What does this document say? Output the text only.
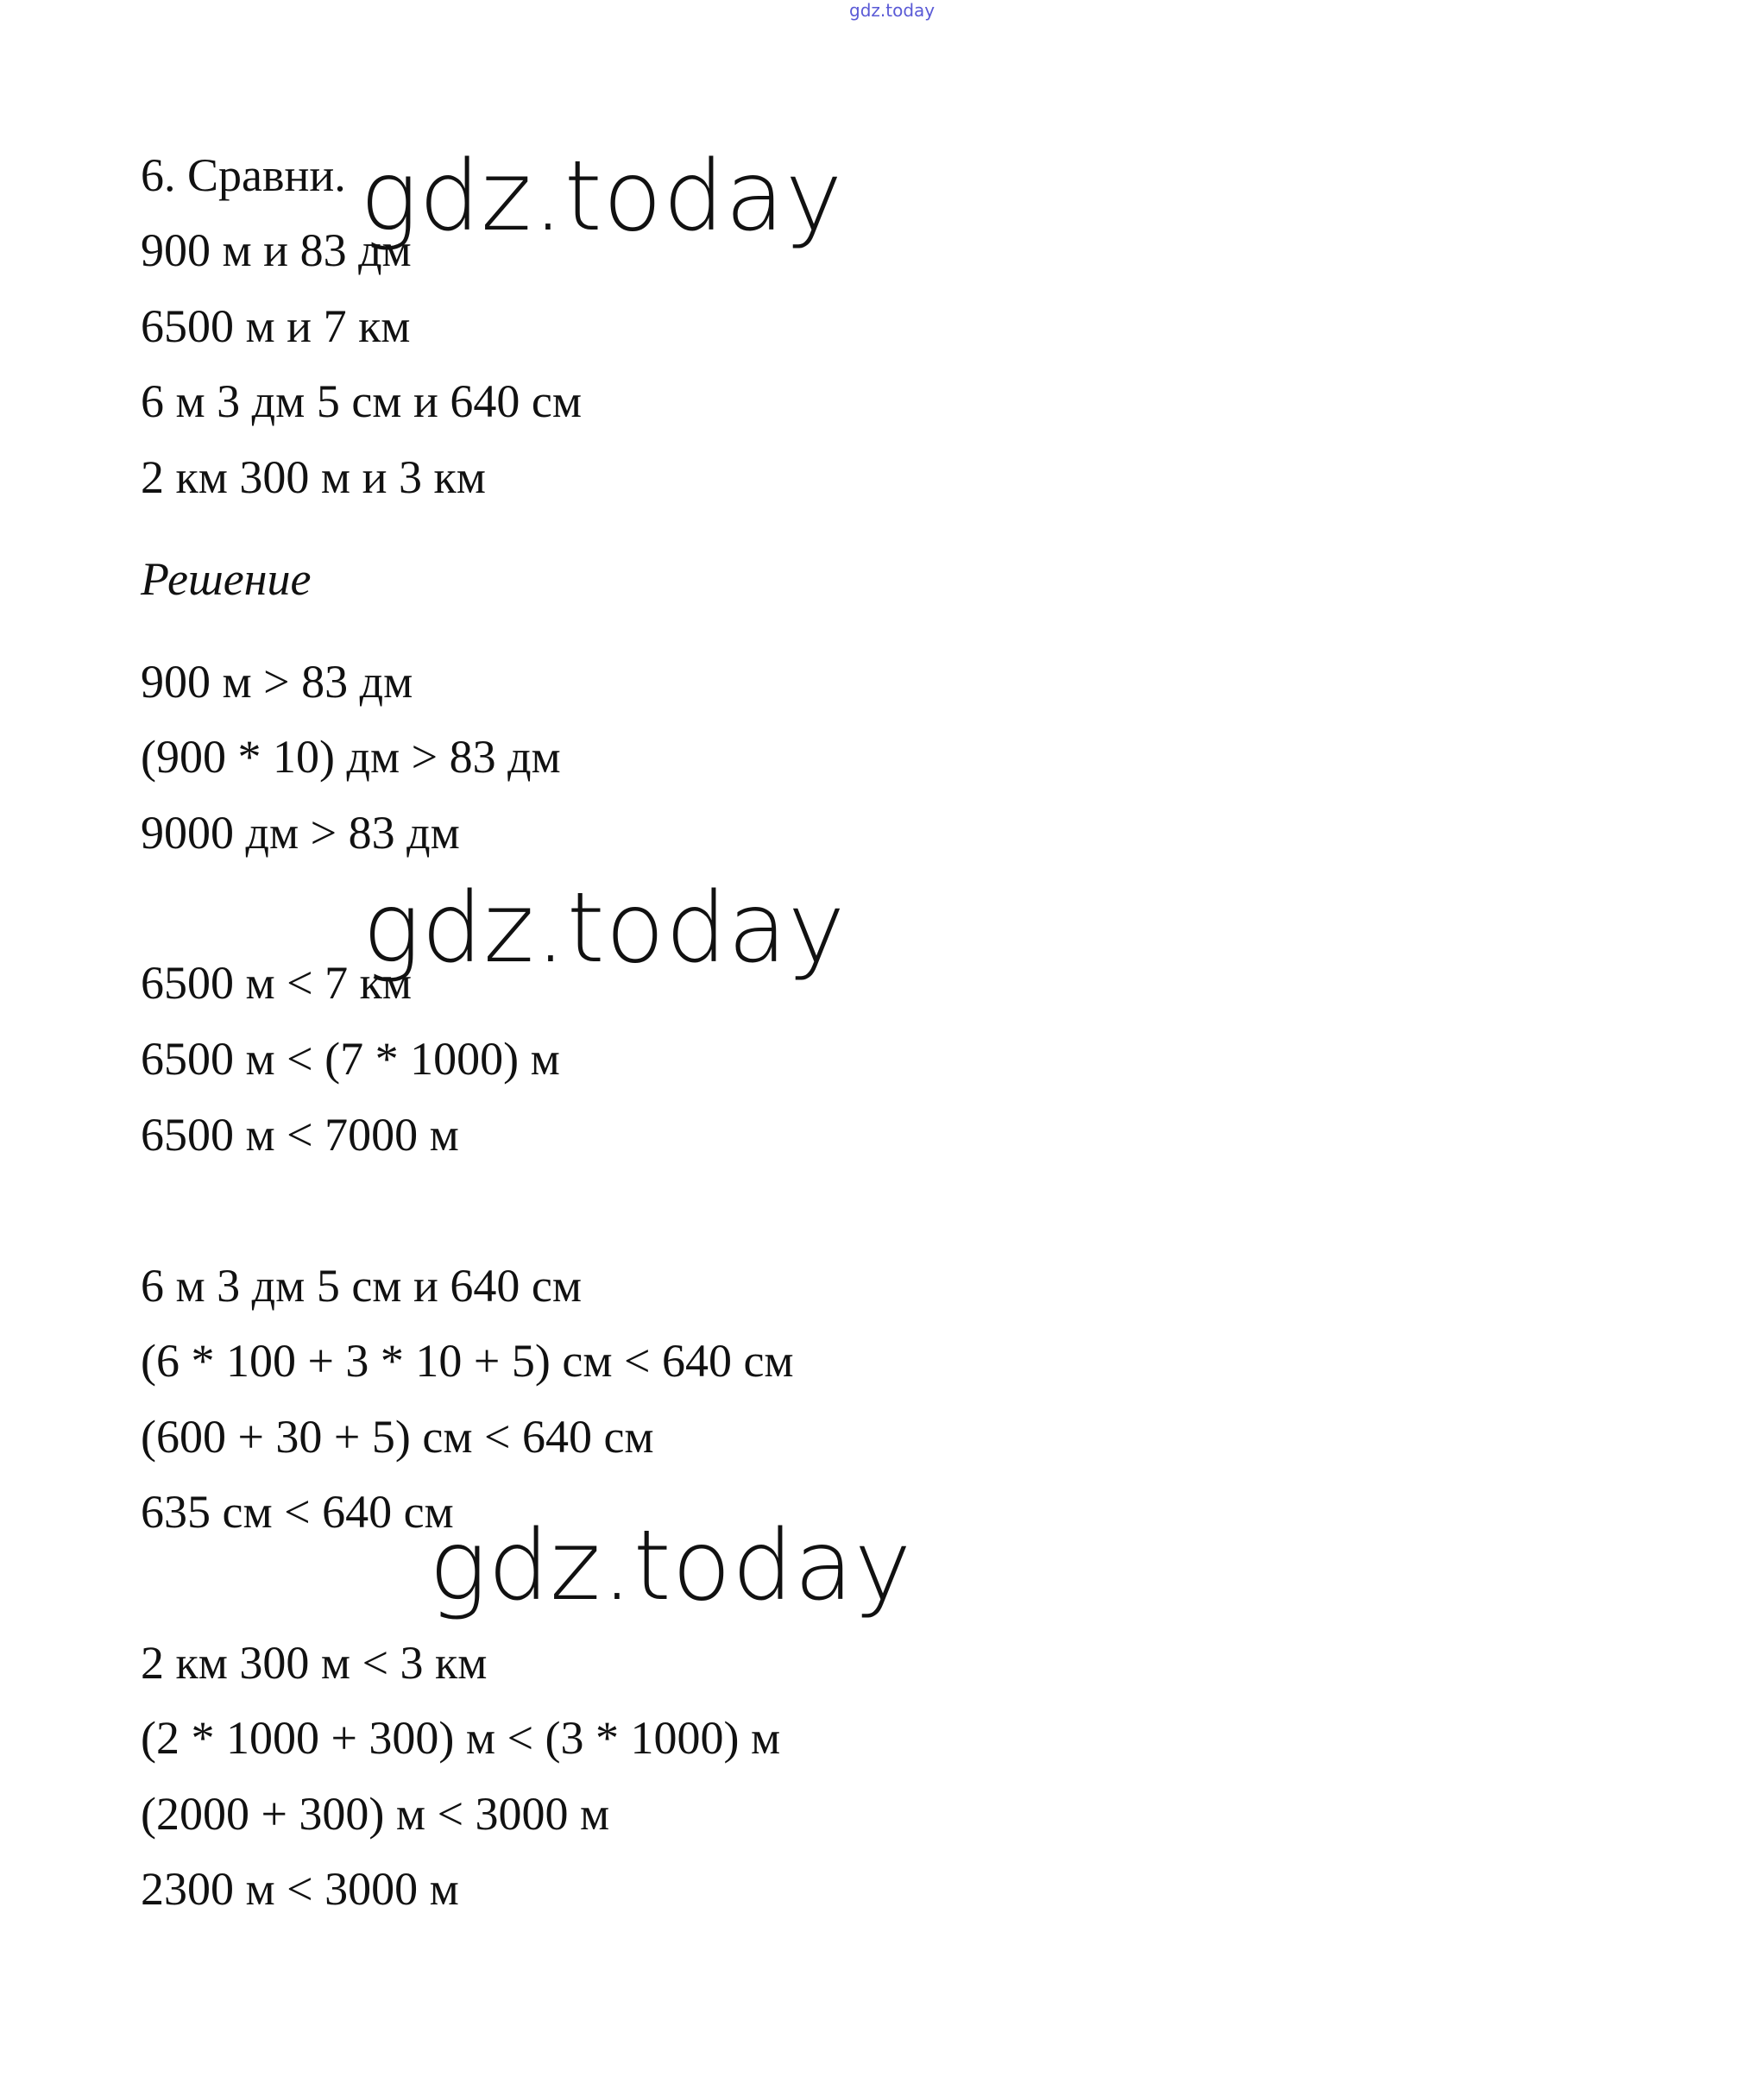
gdz.today
6. Сравни.
900 м и 83 дм
6500 м и 7 км
6 м 3 дм 5 см и 640 см
2 км 300 м и 3 км
Решение
900 м > 83 дм
(900 * 10) дм > 83 дм
9000 дм > 83 дм
6500 м < 7 км
6500 м < (7 * 1000) м
6500 м < 7000 м
6 м 3 дм 5 см и 640 см
(6 * 100 + 3 * 10 + 5) см < 640 см
(600 + 30 + 5) см < 640 см
635 см < 640 см
2 км 300 м < 3 км
(2 * 1000 + 300) м < (3 * 1000) м
(2000 + 300) м < 3000 м
2300 м < 3000 м
gdz.today
gdz.today
gdz.today
